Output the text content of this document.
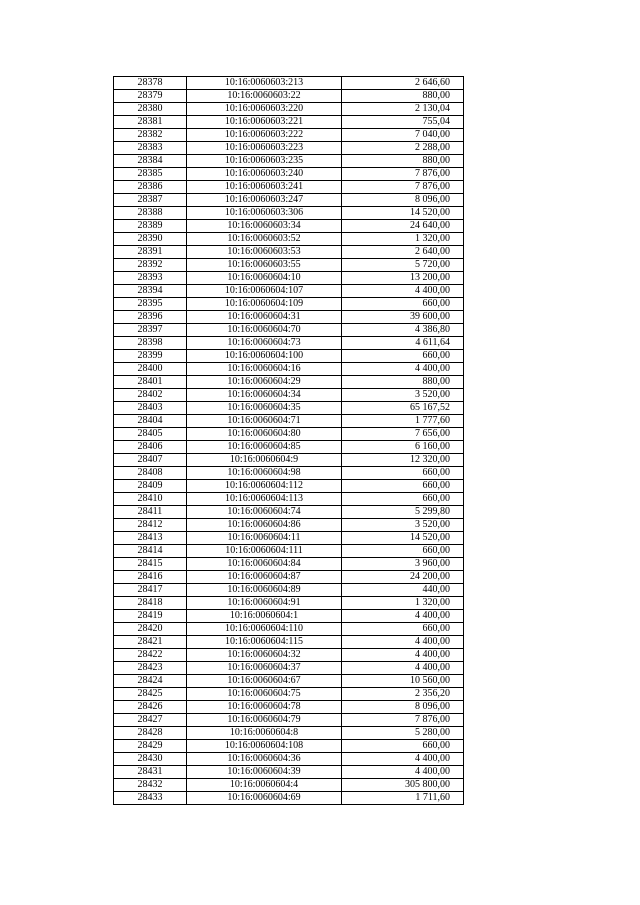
28378	10:16:0060603:213	2 646,60
28379	10:16:0060603:22	880,00
28380	10:16:0060603:220	2 130,04
28381	10:16:0060603:221	755,04
28382	10:16:0060603:222	7 040,00
28383	10:16:0060603:223	2 288,00
28384	10:16:0060603:235	880,00
28385	10:16:0060603:240	7 876,00
28386	10:16:0060603:241	7 876,00
28387	10:16:0060603:247	8 096,00
28388	10:16:0060603:306	14 520,00
28389	10:16:0060603:34	24 640,00
28390	10:16:0060603:52	1 320,00
28391	10:16:0060603:53	2 640,00
28392	10:16:0060603:55	5 720,00
28393	10:16:0060604:10	13 200,00
28394	10:16:0060604:107	4 400,00
28395	10:16:0060604:109	660,00
28396	10:16:0060604:31	39 600,00
28397	10:16:0060604:70	4 386,80
28398	10:16:0060604:73	4 611,64
28399	10:16:0060604:100	660,00
28400	10:16:0060604:16	4 400,00
28401	10:16:0060604:29	880,00
28402	10:16:0060604:34	3 520,00
28403	10:16:0060604:35	65 167,52
28404	10:16:0060604:71	1 777,60
28405	10:16:0060604:80	7 656,00
28406	10:16:0060604:85	6 160,00
28407	10:16:0060604:9	12 320,00
28408	10:16:0060604:98	660,00
28409	10:16:0060604:112	660,00
28410	10:16:0060604:113	660,00
28411	10:16:0060604:74	5 299,80
28412	10:16:0060604:86	3 520,00
28413	10:16:0060604:11	14 520,00
28414	10:16:0060604:111	660,00
28415	10:16:0060604:84	3 960,00
28416	10:16:0060604:87	24 200,00
28417	10:16:0060604:89	440,00
28418	10:16:0060604:91	1 320,00
28419	10:16:0060604:1	4 400,00
28420	10:16:0060604:110	660,00
28421	10:16:0060604:115	4 400,00
28422	10:16:0060604:32	4 400,00
28423	10:16:0060604:37	4 400,00
28424	10:16:0060604:67	10 560,00
28425	10:16:0060604:75	2 356,20
28426	10:16:0060604:78	8 096,00
28427	10:16:0060604:79	7 876,00
28428	10:16:0060604:8	5 280,00
28429	10:16:0060604:108	660,00
28430	10:16:0060604:36	4 400,00
28431	10:16:0060604:39	4 400,00
28432	10:16:0060604:4	305 800,00
28433	10:16:0060604:69	1 711,60
